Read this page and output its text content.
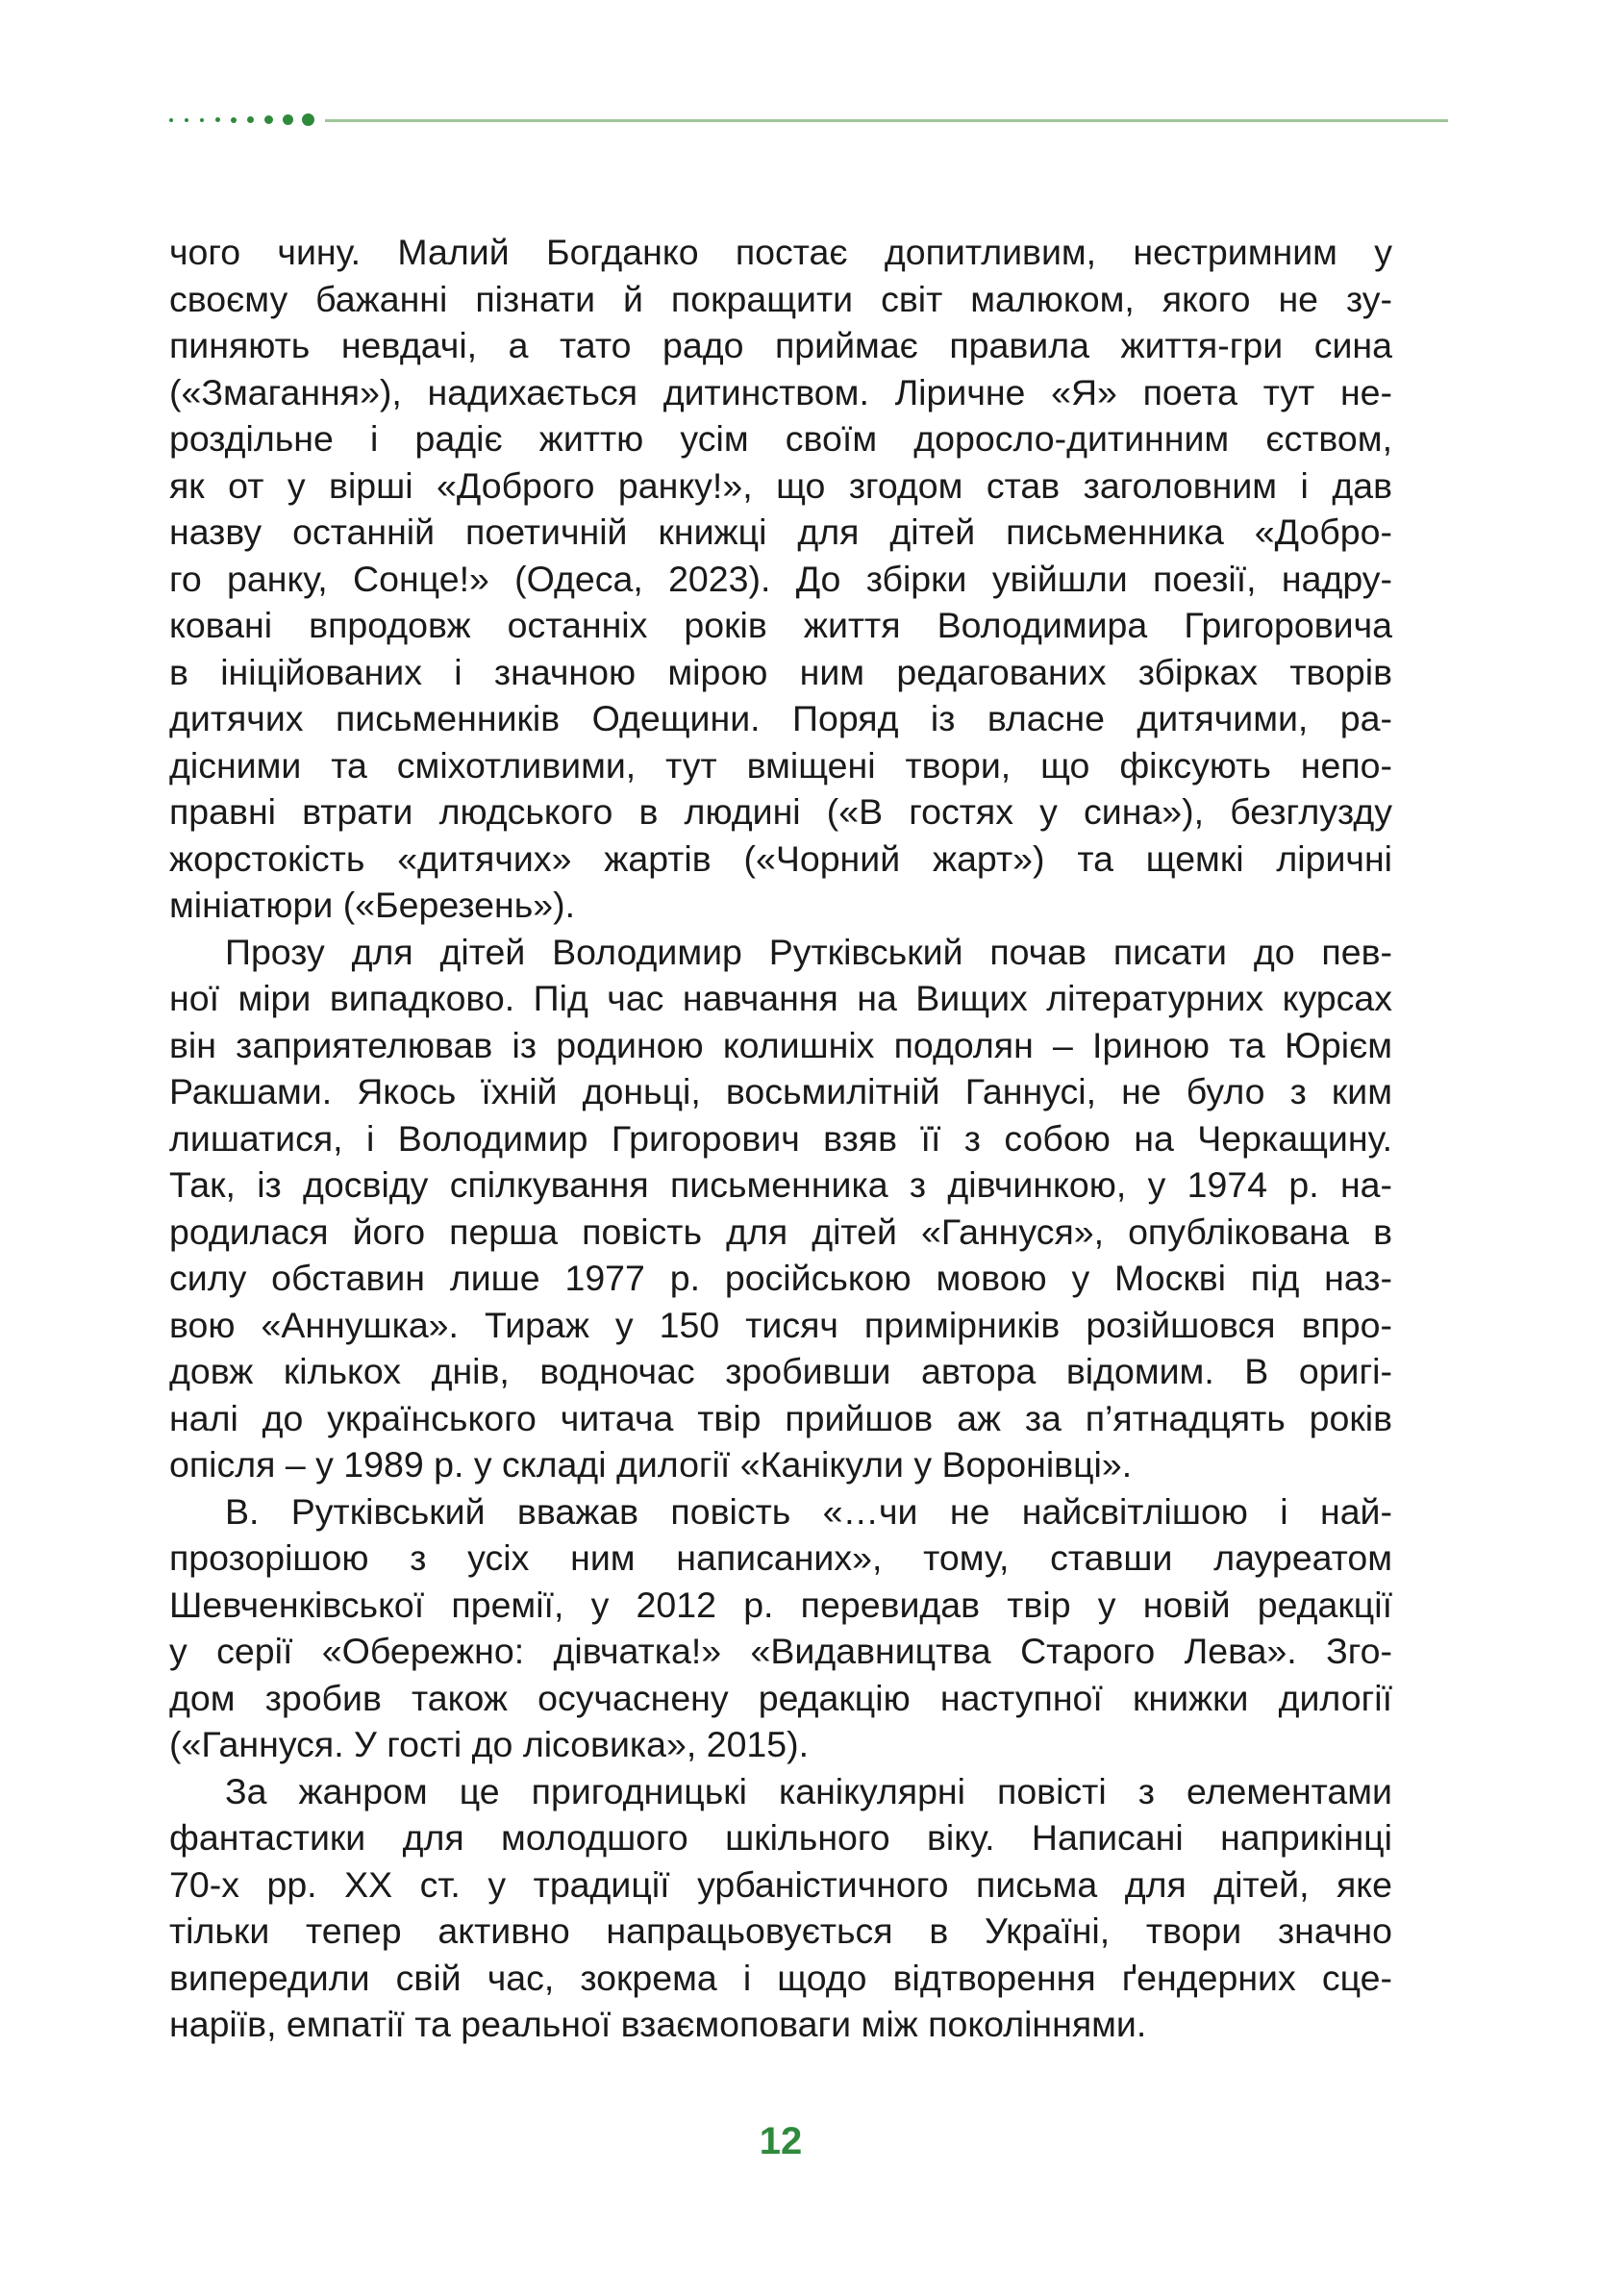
чого чину. Малий Богданко постає допитливим, нестримним у
своєму бажанні пізнати й покращити світ малюком, якого не зу-
пиняють невдачі, а тато радо приймає правила життя-гри сина
(«Змагання»), надихається дитинством. Ліричне «Я» поета тут не-
роздільне і радіє життю усім своїм доросло-дитинним єством,
як от у вірші «Доброго ранку!», що згодом став заголовним і дав
назву останній поетичній книжці для дітей письменника «Добро-
го ранку, Сонце!» (Одеса, 2023). До збірки увійшли поезії, надру-
ковані впродовж останніх років життя Володимира Григоровича
в ініційованих і значною мірою ним редагованих збірках творів
дитячих письменників Одещини. Поряд із власне дитячими, ра-
дісними та сміхотливими, тут вміщені твори, що фіксують непо-
правні втрати людського в людині («В гостях у сина»), безглузду
жорстокість «дитячих» жартів («Чорний жарт») та щемкі ліричні
мініатюри («Березень»).
Прозу для дітей Володимир Рутківський почав писати до пев-
ної міри випадково. Під час навчання на Вищих літературних курсах
він заприятелював із родиною колишніх подолян – Іриною та Юрієм
Ракшами. Якось їхній доньці, восьмилітній Ганнусі, не було з ким
лишатися, і Володимир Григорович взяв її з собою на Черкащину.
Так, із досвіду спілкування письменника з дівчинкою, у 1974 р. на-
родилася його перша повість для дітей «Ганнуся», опублікована в
силу обставин лише 1977 р. російською мовою у Москві під наз-
вою «Аннушка». Тираж у 150 тисяч примірників розійшовся впро-
довж кількох днів, водночас зробивши автора відомим. В оригі-
налі до українського читача твір прийшов аж за п’ятнадцять років
опісля – у 1989 р. у складі дилогії «Канікули у Воронівці».
В. Рутківський вважав повість «…чи не найсвітлішою і най-
прозорішою з усіх ним написаних», тому, ставши лауреатом
Шевченківської премії, у 2012 р. перевидав твір у новій редакції
у серії «Обережно: дівчатка!» «Видавництва Старого Лева». Зго-
дом зробив також осучаснену редакцію наступної книжки дилогії
(«Ганнуся. У гості до лісовика», 2015).
За жанром це пригодницькі канікулярні повісті з елементами
фантастики для молодшого шкільного віку. Написані наприкінці
70-х рр. ХХ ст. у традиції урбаністичного письма для дітей, яке
тільки тепер активно напрацьовується в Україні, твори значно
випередили свій час, зокрема і щодо відтворення ґендерних сце-
наріїв, емпатії та реальної взаємоповаги між поколіннями.
12
